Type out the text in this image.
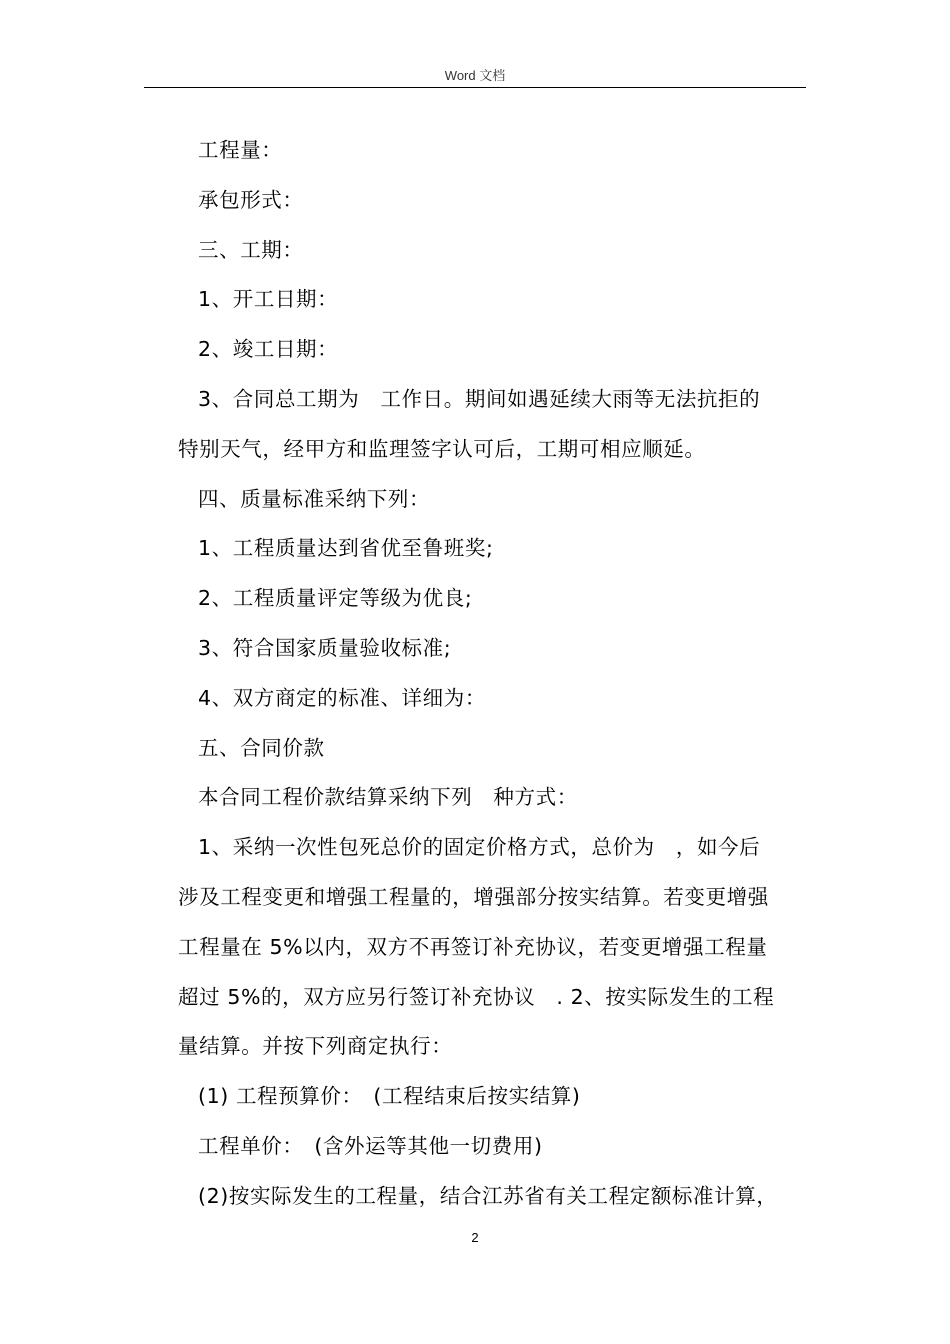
Word 文档
工程量：
承包形式：
三、工期：
1、开工日期：
2、竣工日期：
3、合同总工期为　工作日。期间如遇延续大雨等无法抗拒的
特别天气，经甲方和监理签字认可后，工期可相应顺延。
四、质量标准采纳下列：
1、工程质量达到省优至鲁班奖;
2、工程质量评定等级为优良;
3、符合国家质量验收标准;
4、双方商定的标准、详细为：
五、合同价款
本合同工程价款结算采纳下列　种方式：
1、采纳一次性包死总价的固定价格方式，总价为　，如今后
涉及工程变更和增强工程量的，增强部分按实结算。若变更增强
工程量在 5%以内，双方不再签订补充协议，若变更增强工程量
超过 5%的，双方应另行签订补充协议　. 2、按实际发生的工程
量结算。并按下列商定执行：
(1) 工程预算价：　(工程结束后按实结算)
工程单价：　(含外运等其他一切费用)
(2)按实际发生的工程量，结合江苏省有关工程定额标准计算，
2
